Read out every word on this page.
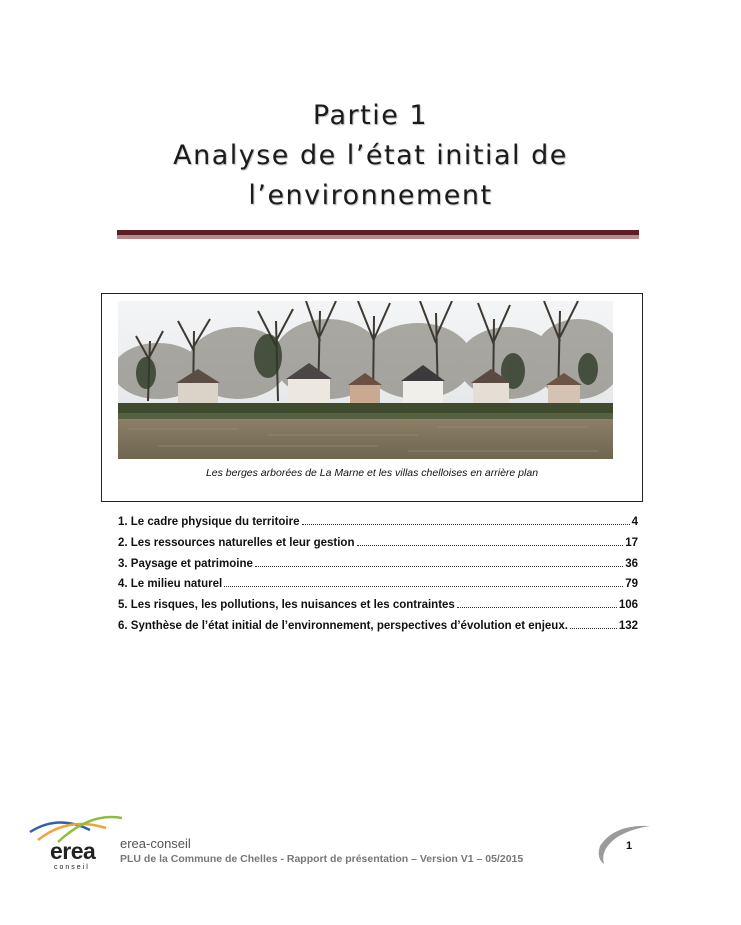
Partie 1
Analyse de l’état initial de
l’environnement
Les berges arborées de La Marne et les villas chelloises en arrière plan
1. Le cadre physique du territoire	4
2. Les ressources naturelles et leur gestion	17
3. Paysage et patrimoine	36
4. Le milieu naturel	79
5. Les risques, les pollutions, les nuisances et les contraintes	106
6. Synthèse de l’état initial de l’environnement, perspectives d’évolution et enjeux.	132
erea
conseil
erea-conseil
PLU de la Commune de Chelles - Rapport de présentation – Version V1 – 05/2015
1
